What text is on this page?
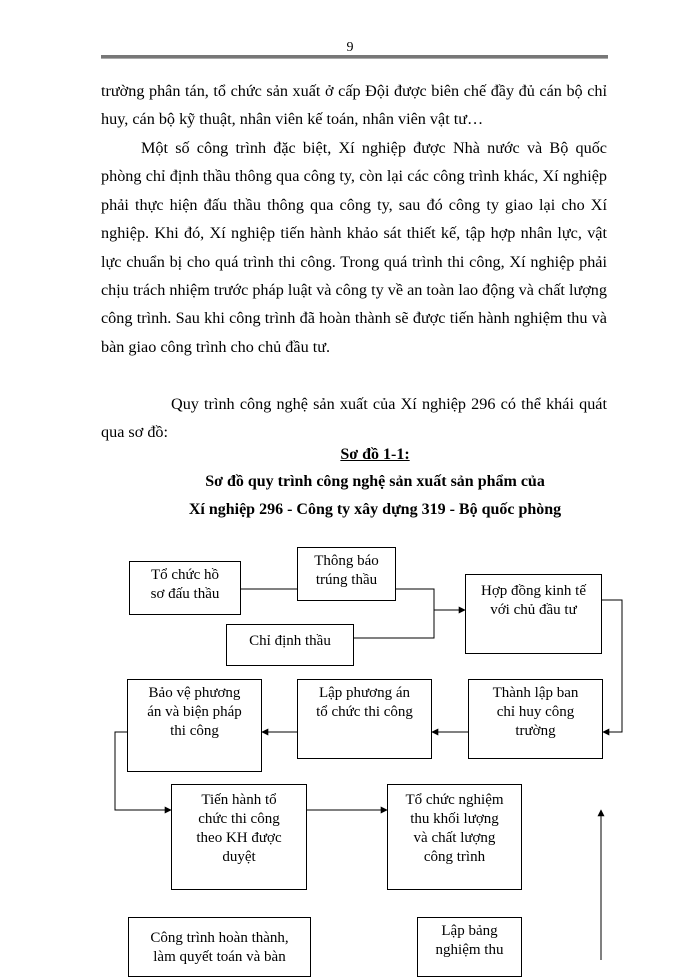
9

trường phân tán, tổ chức sản xuất ở cấp Đội được biên chế đầy đủ cán bộ chỉ huy, cán bộ kỹ thuật, nhân viên kế toán, nhân viên vật tư…

Một số công trình đặc biệt, Xí nghiệp được Nhà nước và Bộ quốc phòng chỉ định thầu thông qua công ty, còn lại các công trình khác, Xí nghiệp phải thực hiện đấu thầu thông qua công ty, sau đó công ty giao lại cho Xí nghiệp. Khi đó, Xí nghiệp tiến hành khảo sát thiết kế, tập hợp nhân lực, vật lực chuẩn bị cho quá trình thi công. Trong quá trình thi công, Xí nghiệp phải chịu trách nhiệm trước pháp luật và công ty về an toàn lao động và chất lượng công trình. Sau khi công trình đã hoàn thành sẽ được tiến hành nghiệm thu và bàn giao công trình cho chủ đầu tư.

Quy trình công nghệ sản xuất của Xí nghiệp 296 có thể khái quát qua sơ đồ:

Sơ đồ 1-1:
Sơ đồ quy trình công nghệ sản xuất sản phẩm của
Xí nghiệp 296 - Công ty xây dựng 319 - Bộ quốc phòng
Tổ chức hồ
sơ đấu thầu
Thông báo
trúng thầu
Chỉ định thầu
Hợp đồng kinh tế
với chủ đầu tư
Thành lập ban
chỉ huy công
trường
Lập phương án
tổ chức thi công
Bảo vệ phương
án và biện pháp
thi công
Tiến hành tổ
chức thi công
theo KH được
duyệt
Tổ chức nghiệm
thu khối lượng
và chất lượng
công trình
Công trình hoàn thành,
làm quyết toán và bàn
Lập bảng
nghiệm thu
